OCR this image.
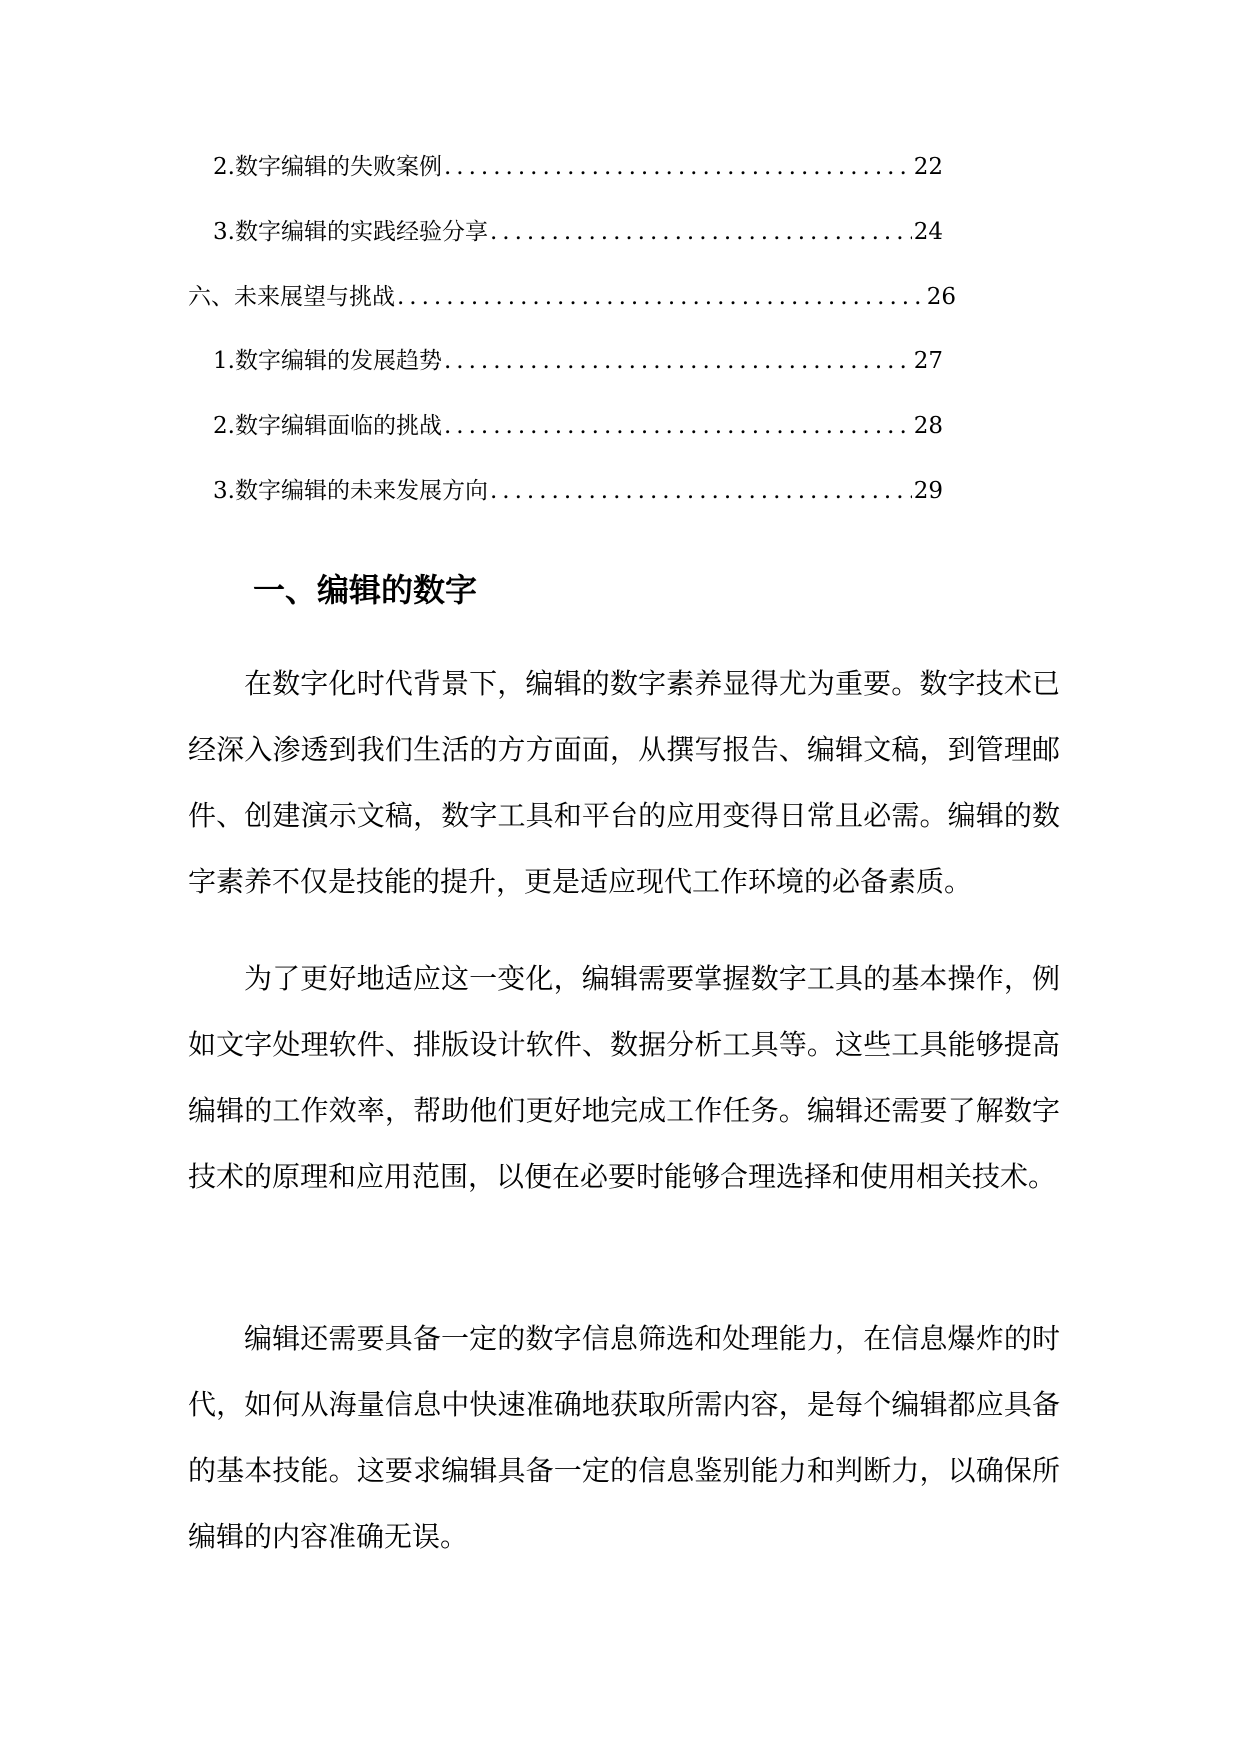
2. 数字编辑的失败案例 .....	22
3. 数字编辑的实践经验分享 .....	24
六、未来展望与挑战 .....	26
1. 数字编辑的发展趋势 .....	27
2. 数字编辑面临的挑战 .....	28
3. 数字编辑的未来发展方向 .....	29
一、编辑的数字

在数字化时代背景下，编辑的数字素养显得尤为重要。数字技术已经深入渗透到我们生活的方方面面，从撰写报告、编辑文稿，到管理邮件、创建演示文稿，数字工具和平台的应用变得日常且必需。编辑的数字素养不仅是技能的提升，更是适应现代工作环境的必备素质。

为了更好地适应这一变化，编辑需要掌握数字工具的基本操作，例如文字处理软件、排版设计软件、数据分析工具等。这些工具能够提高编辑的工作效率，帮助他们更好地完成工作任务。编辑还需要了解数字技术的原理和应用范围，以便在必要时能够合理选择和使用相关技术。

编辑还需要具备一定的数字信息筛选和处理能力，在信息爆炸的时代，如何从海量信息中快速准确地获取所需内容，是每个编辑都应具备的基本技能。这要求编辑具备一定的信息鉴别能力和判断力，以确保所编辑的内容准确无误。
